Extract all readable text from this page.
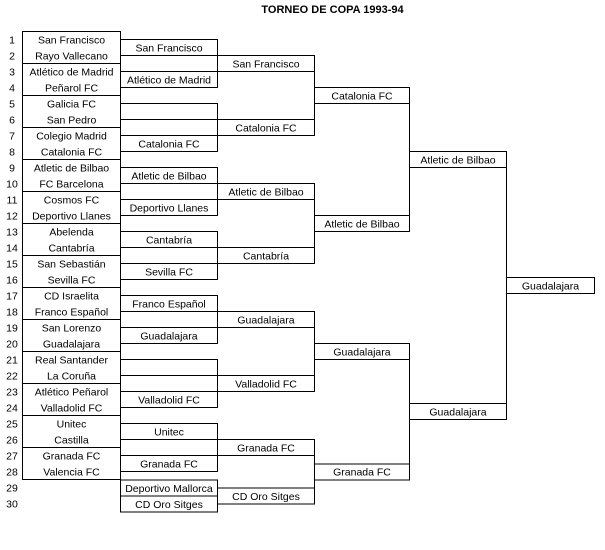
TORNEO DE COPA 1993-94
1 San Francisco
2 Rayo Vallecano
3 Atlético de Madrid
4	Peñarol FC
5	Galicia FC
6	San Pedro
7 Colegio Madrid
8 Catalonia FC
9 Atletic de Bilbao
10 FC Barcelona
11	Cosmos FC
12 Deportivo Llanes
13	Abelenda
14	Cantabría
15 San Sebastián
16	Sevilla FC
17 CD Israelita
18 Franco Español
19 San Lorenzo
20 Guadalajara
21 Real Santander
22	La Coruña
23 Atlético Peñarol
24 Valladolid FC
25	Unitec
26	Castilla
27 Granada FC
28 Valencia FC
29
30
San Francisco
Atlético de Madrid
Catalonia FC
Atletic de Bilbao
Deportivo Llanes
Cantabría
Sevilla FC
Franco Español
Guadalajara
Valladolid FC
Unitec
Granada FC
Deportivo Mallorca
CD Oro Sitges
San Francisco
Catalonia FC
Atletic de Bilbao
Cantabría
Guadalajara
Valladolid FC
Granada FC
CD Oro Sitges
Catalonia FC
Atletic de Bilbao
Guadalajara
Granada FC
Atletic de Bilbao
Guadalajara
Guadalajara
